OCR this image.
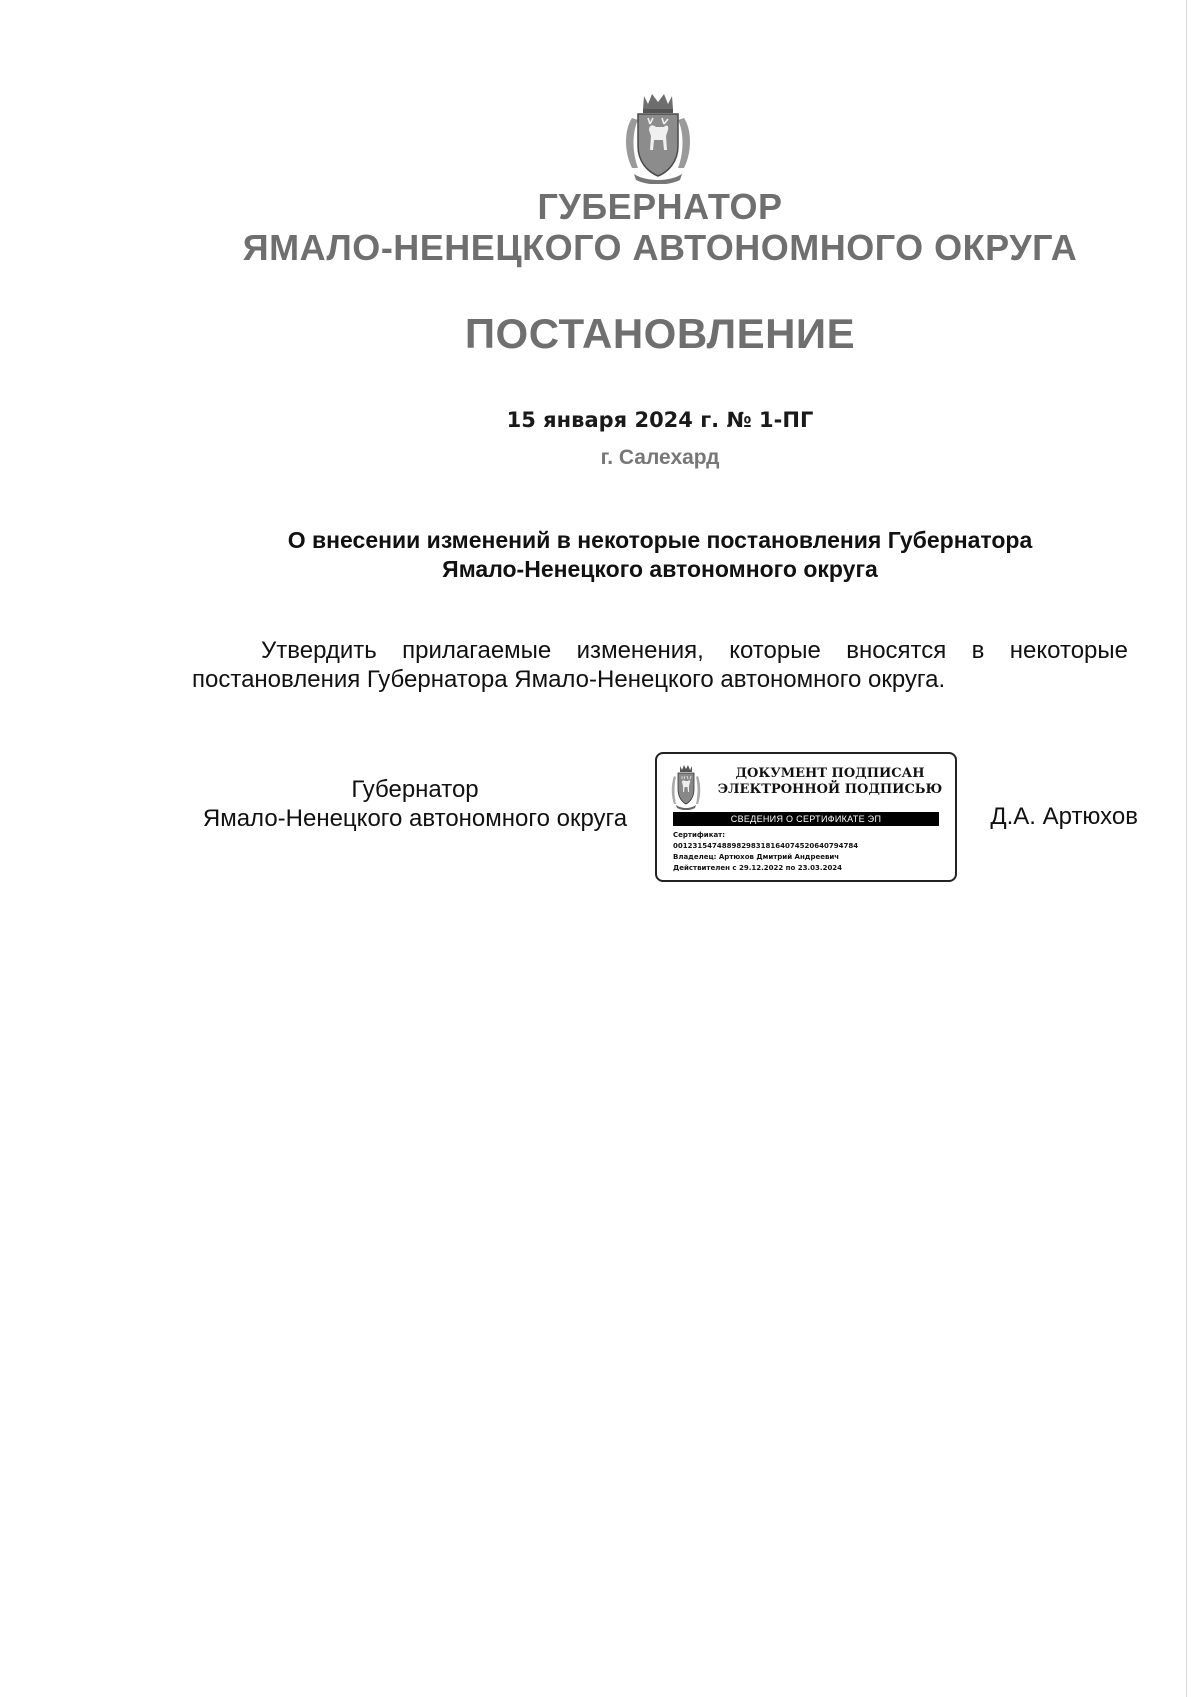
ГУБЕРНАТОР
ЯМАЛО-НЕНЕЦКОГО АВТОНОМНОГО ОКРУГА
ПОСТАНОВЛЕНИЕ
15 января 2024 г. № 1-ПГ
г. Салехард
О внесении изменений в некоторые постановления Губернатора
Ямало-Ненецкого автономного округа

Утвердить прилагаемые изменения, которые вносятся в некоторые постановления Губернатора Ямало-Ненецкого автономного округа.

Губернатор
Ямало-Ненецкого автономного округа
ДОКУМЕНТ ПОДПИСАН
ЭЛЕКТРОННОЙ ПОДПИСЬЮ
СВЕДЕНИЯ О СЕРТИФИКАТЕ ЭП
Сертификат:
00123154748898298318164074520640794784
Владелец: Артюхов Дмитрий Андреевич
Действителен с 29.12.2022 по 23.03.2024
Д.А. Артюхов
